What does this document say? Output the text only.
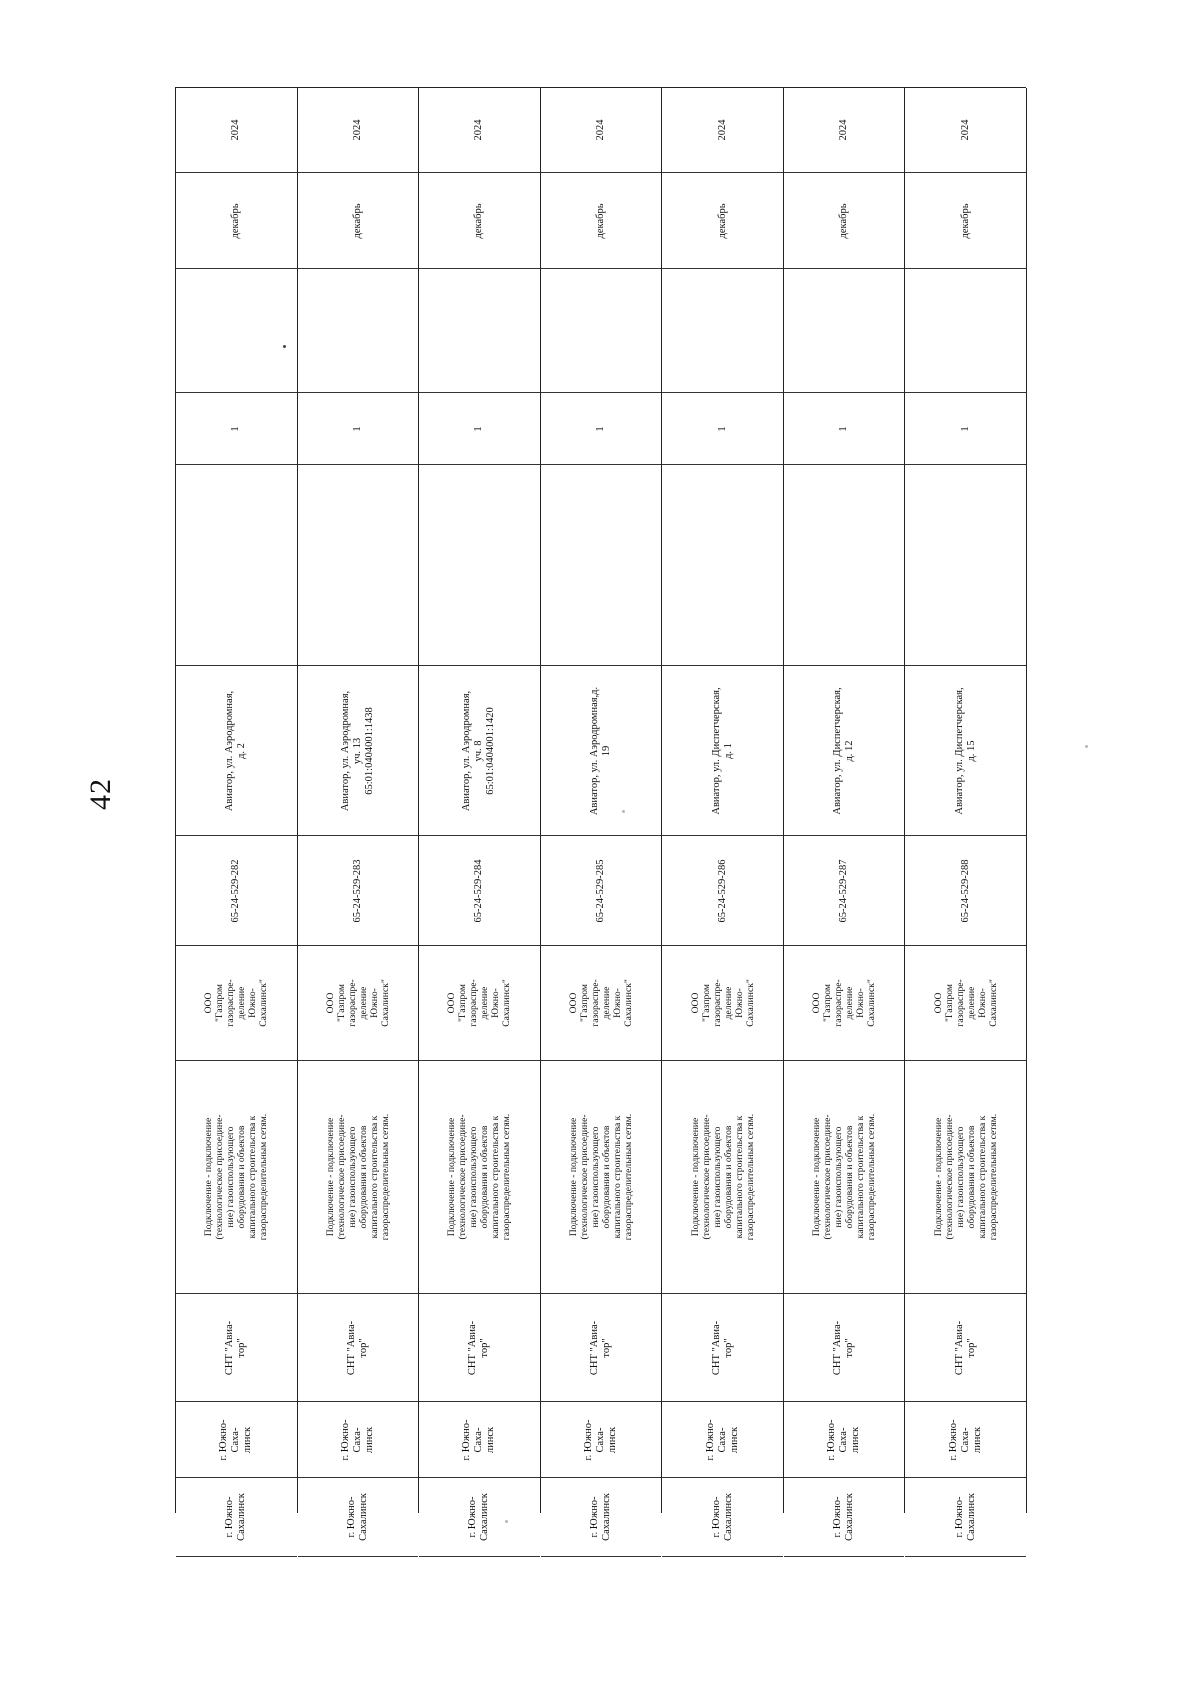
42
2024
декабрь
1
Авиатор, ул. Аэродромная,
д. 2
65-24-529-282
ООО
"Газпром
газораспре-
деление
Южно-
Сахалинск"
Подключение - подключение
(технологическое присоедине-
ние) газоиспользующего
оборудования и объектов
капитального строительства к
газораспределительным сетям.
СНТ "Авиа-
тор"
г. Южно-
Саха-
линск
г. Южно-
Сахалинск
2024
декабрь
1
Авиатор, ул. Аэродромная,
уч. 13
65:01:0404001:1438
65-24-529-283
ООО
"Газпром
газораспре-
деление
Южно-
Сахалинск"
Подключение - подключение
(технологическое присоедине-
ние) газоиспользующего
оборудования и объектов
капитального строительства к
газораспределительным сетям.
СНТ "Авиа-
тор"
г. Южно-
Саха-
линск
г. Южно-
Сахалинск
2024
декабрь
1
Авиатор, ул. Аэродромная,
уч. 8
65:01:0404001:1420
65-24-529-284
ООО
"Газпром
газораспре-
деление
Южно-
Сахалинск"
Подключение - подключение
(технологическое присоедине-
ние) газоиспользующего
оборудования и объектов
капитального строительства к
газораспределительным сетям.
СНТ "Авиа-
тор"
г. Южно-
Саха-
линск
г. Южно-
Сахалинск
2024
декабрь
1
Авиатор, ул. Аэродромная,д.
19
65-24-529-285
ООО
"Газпром
газораспре-
деление
Южно-
Сахалинск"
Подключение - подключение
(технологическое присоедине-
ние) газоиспользующего
оборудования и объектов
капитального строительства к
газораспределительным сетям.
СНТ "Авиа-
тор"
г. Южно-
Саха-
линск
г. Южно-
Сахалинск
2024
декабрь
1
Авиатор, ул. Диспетчерская,
д. 1
65-24-529-286
ООО
"Газпром
газораспре-
деление
Южно-
Сахалинск"
Подключение - подключение
(технологическое присоедине-
ние) газоиспользующего
оборудования и объектов
капитального строительства к
газораспределительным сетям.
СНТ "Авиа-
тор"
г. Южно-
Саха-
линск
г. Южно-
Сахалинск
2024
декабрь
1
Авиатор, ул. Диспетчерская,
д. 12
65-24-529-287
ООО
"Газпром
газораспре-
деление
Южно-
Сахалинск"
Подключение - подключение
(технологическое присоедине-
ние) газоиспользующего
оборудования и объектов
капитального строительства к
газораспределительным сетям.
СНТ "Авиа-
тор"
г. Южно-
Саха-
линск
г. Южно-
Сахалинск
2024
декабрь
1
Авиатор, ул. Диспетчерская,
д. 15
65-24-529-288
ООО
"Газпром
газораспре-
деление
Южно-
Сахалинск"
Подключение - подключение
(технологическое присоедине-
ние) газоиспользующего
оборудования и объектов
капитального строительства к
газораспределительным сетям.
СНТ "Авиа-
тор"
г. Южно-
Саха-
линск
г. Южно-
Сахалинск
